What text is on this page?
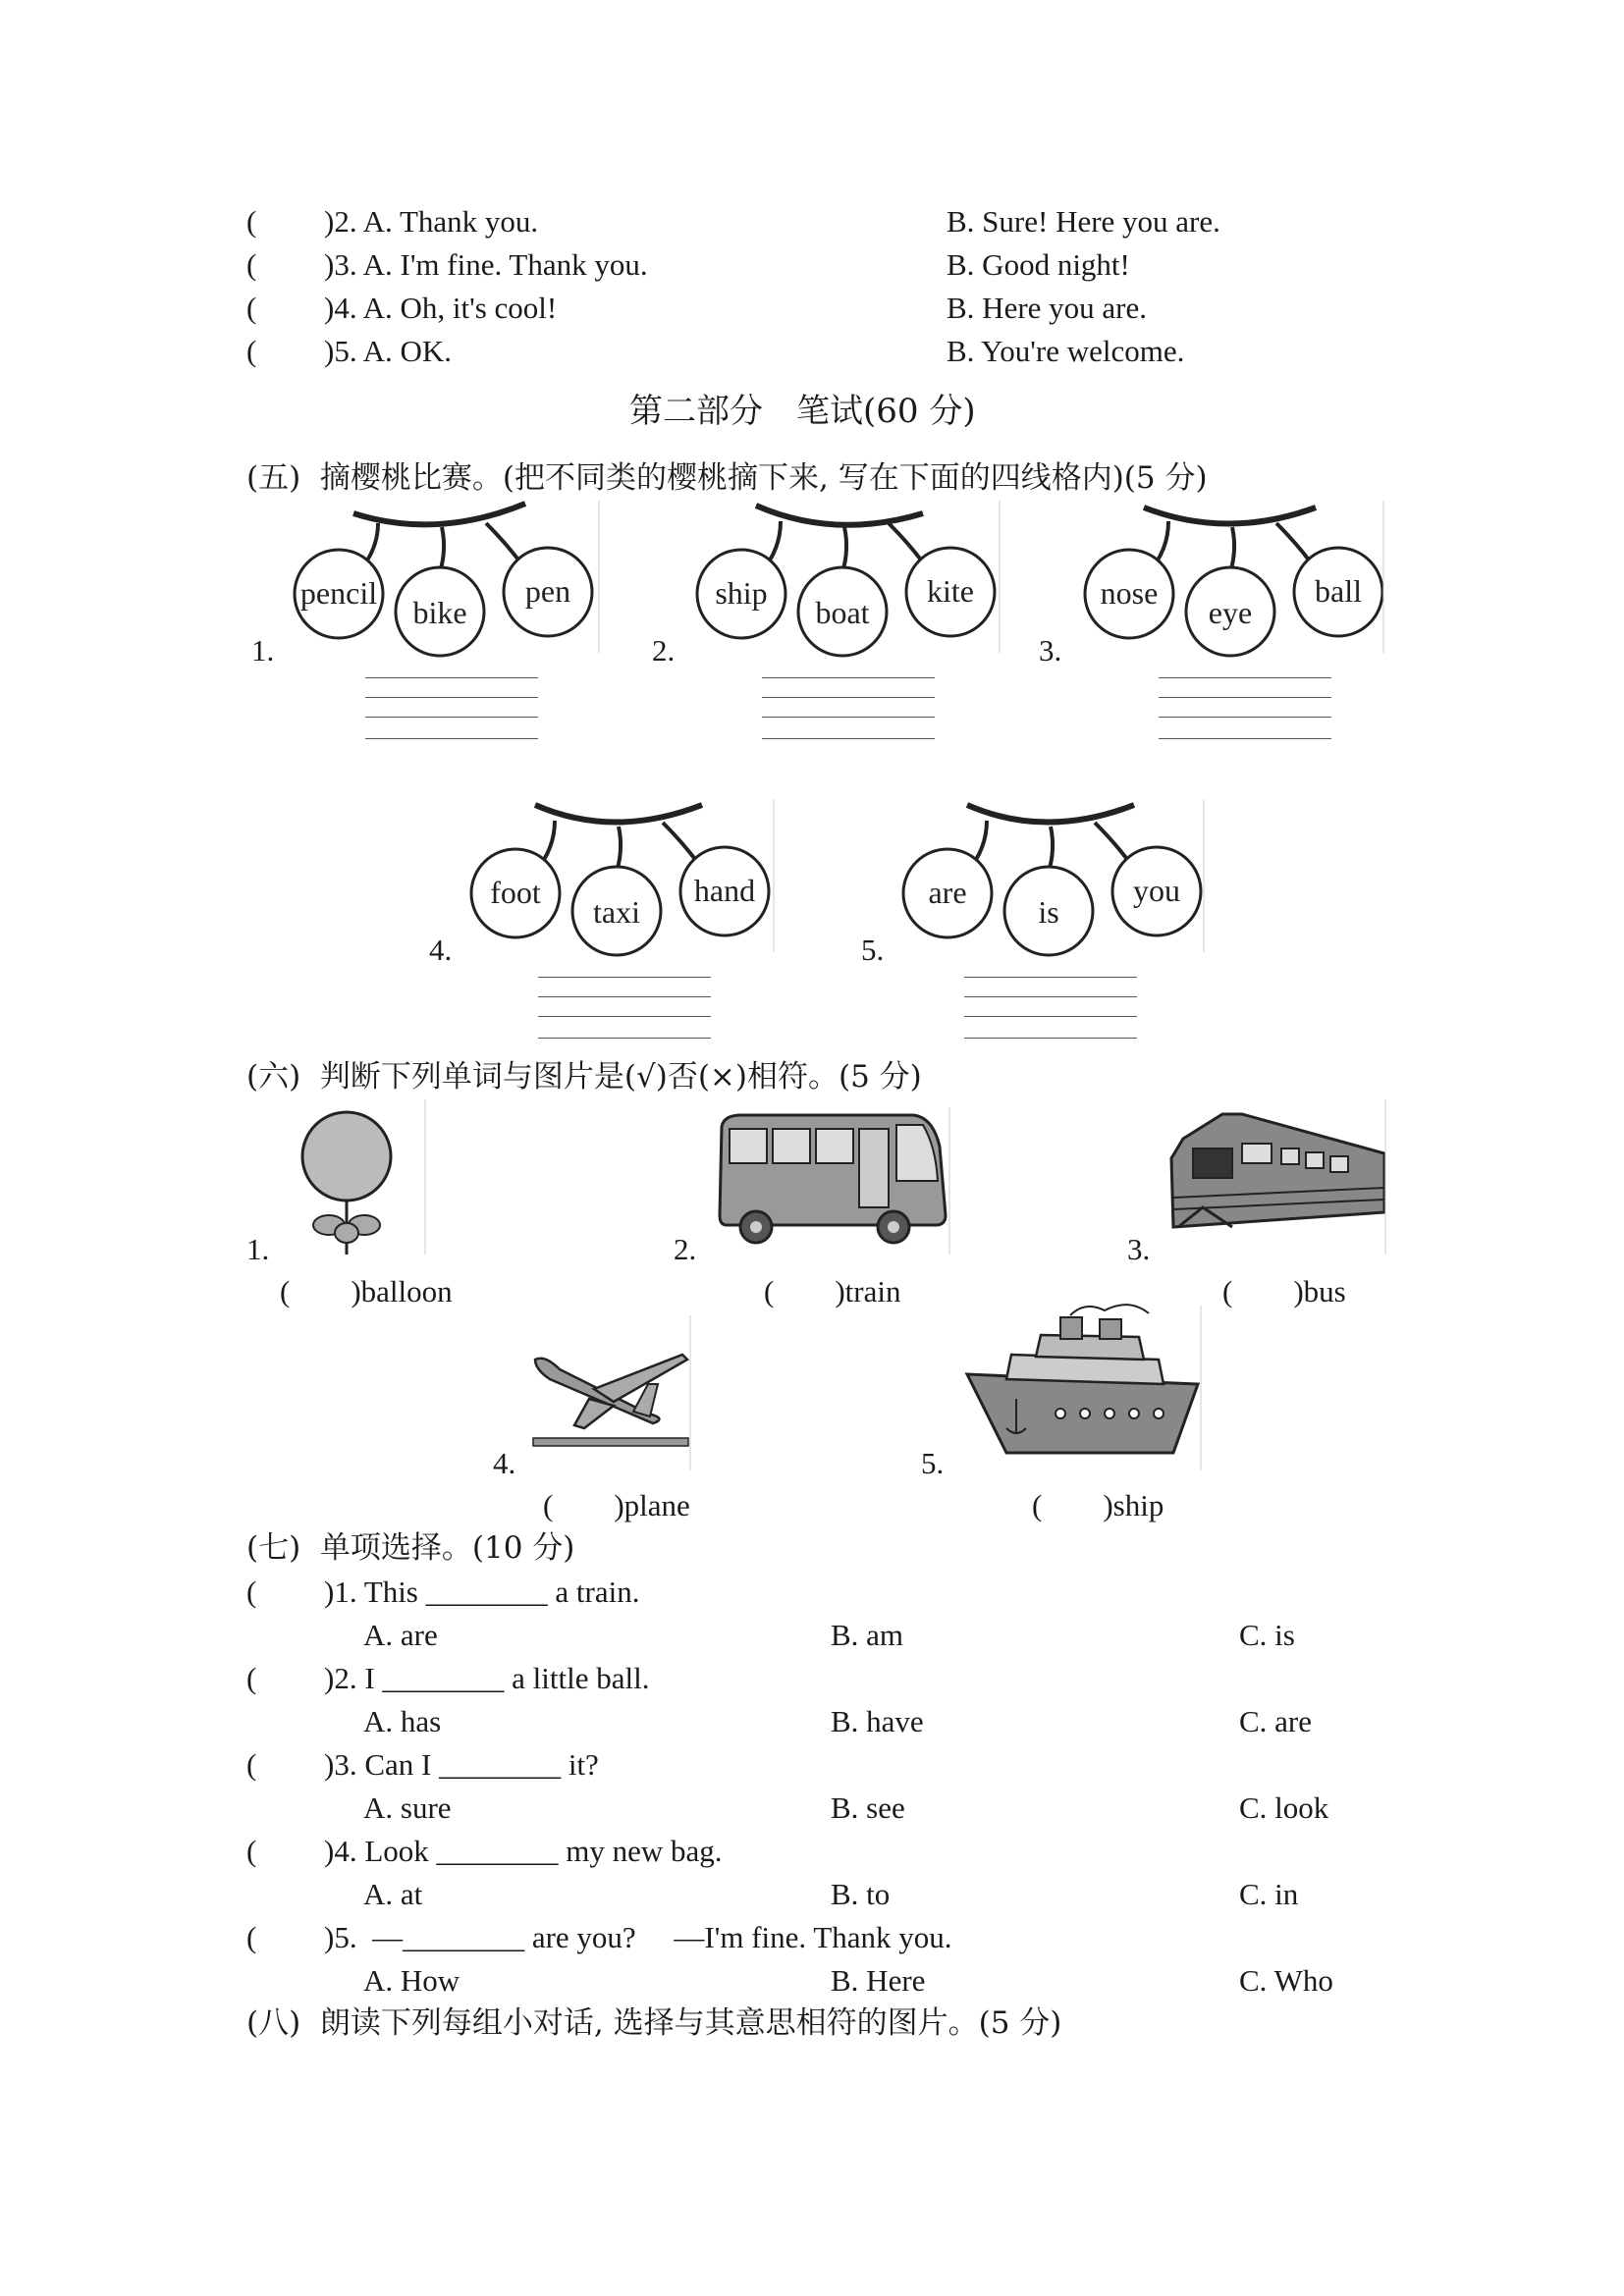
( )2. A. Thank you.	B. Sure! Here you are.
( )3. A. I'm fine. Thank you.	B. Good night!
( )4. A. Oh, it's cool!	B. Here you are.
( )5. A. OK.	B. You're welcome.
第二部分　笔试(60 分)
(五)  摘樱桃比赛。(把不同类的樱桃摘下来, 写在下面的四线格内)(5 分)
1.
pencil
bike
pen
2.
ship
boat
kite
3.
nose
eye
ball
4.
foot
taxi
hand
5.
are
is
you
(六)  判断下列单词与图片是(√)否(×)相符。(5 分)
1.
(　　)balloon
2.
(　　)train
3.
(　　)bus
4.
(　　)plane
5.
(　　)ship
(七)  单项选择。(10 分)
( )1. This ________ a train.
A. are	B. am	C. is
( )2. I ________ a little ball.
A. has	B. have	C. are
( )3. Can I ________ it?
A. sure	B. see	C. look
( )4. Look ________ my new bag.
A. at	B. to	C. in
( )5.  —________ are you?　 —I'm fine. Thank you.
A. How	B. Here	C. Who
(八)  朗读下列每组小对话, 选择与其意思相符的图片。(5 分)
